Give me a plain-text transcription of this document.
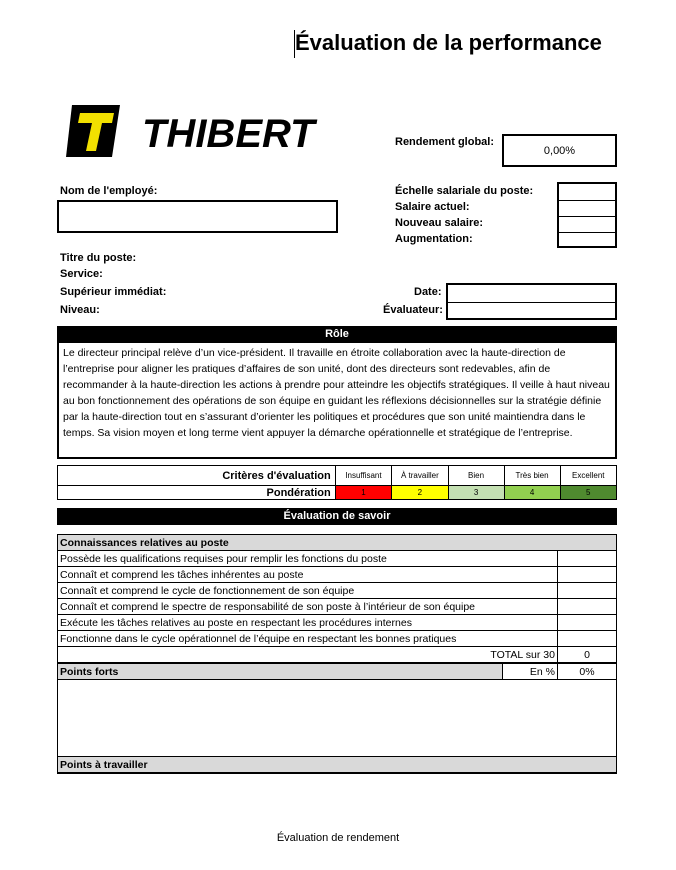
Évaluation de la performance
THIBERT	Rendement global:
0,00%
Nom de l'employé:	Échelle salariale du poste:
Salaire actuel:
Nouveau salaire:
Augmentation:
Titre du poste:
Service:
Supérieur immédiat:
Niveau:
Date:
Évaluateur:
Rôle
Le directeur principal relève d’un vice-président. Il travaille en étroite collaboration avec la haute-direction de l’entreprise pour aligner les pratiques d’affaires de son unité, dont des directeurs sont redevables, afin de recommander à la haute-direction les actions à prendre pour atteindre les objectifs stratégiques. Il veille à haut niveau au bon fonctionnement des opérations de son équipe en guidant les réflexions décisionnelles sur la stratégie définie par la haute-direction tout en s’assurant d’orienter les politiques et procédures que son unité maintiendra dans le temps. Sa vision moyen et long terme vient appuyer la démarche opérationnelle et stratégique de l’entreprise.
Critères d'évaluation	Insuffisant	À travailler	Bien	Très bien	Excellent
Pondération	1	2	3	4	5
Évaluation de savoir
Connaissances relatives au poste		
Possède les qualifications requises pour remplir les fonctions du poste		
Connaît et comprend les tâches inhérentes au poste		
Connaît et comprend le cycle de fonctionnement de son équipe		
Connaît et comprend le spectre de responsabilité de son poste à l’intérieur de son équipe		
Exécute les tâches relatives au poste en respectant les procédures internes		
Fonctionne dans le cycle opérationnel de l’équipe en respectant les bonnes pratiques		
TOTAL sur 30		0
Points forts	En %	0%

Points à travailler		
Évaluation de rendement
